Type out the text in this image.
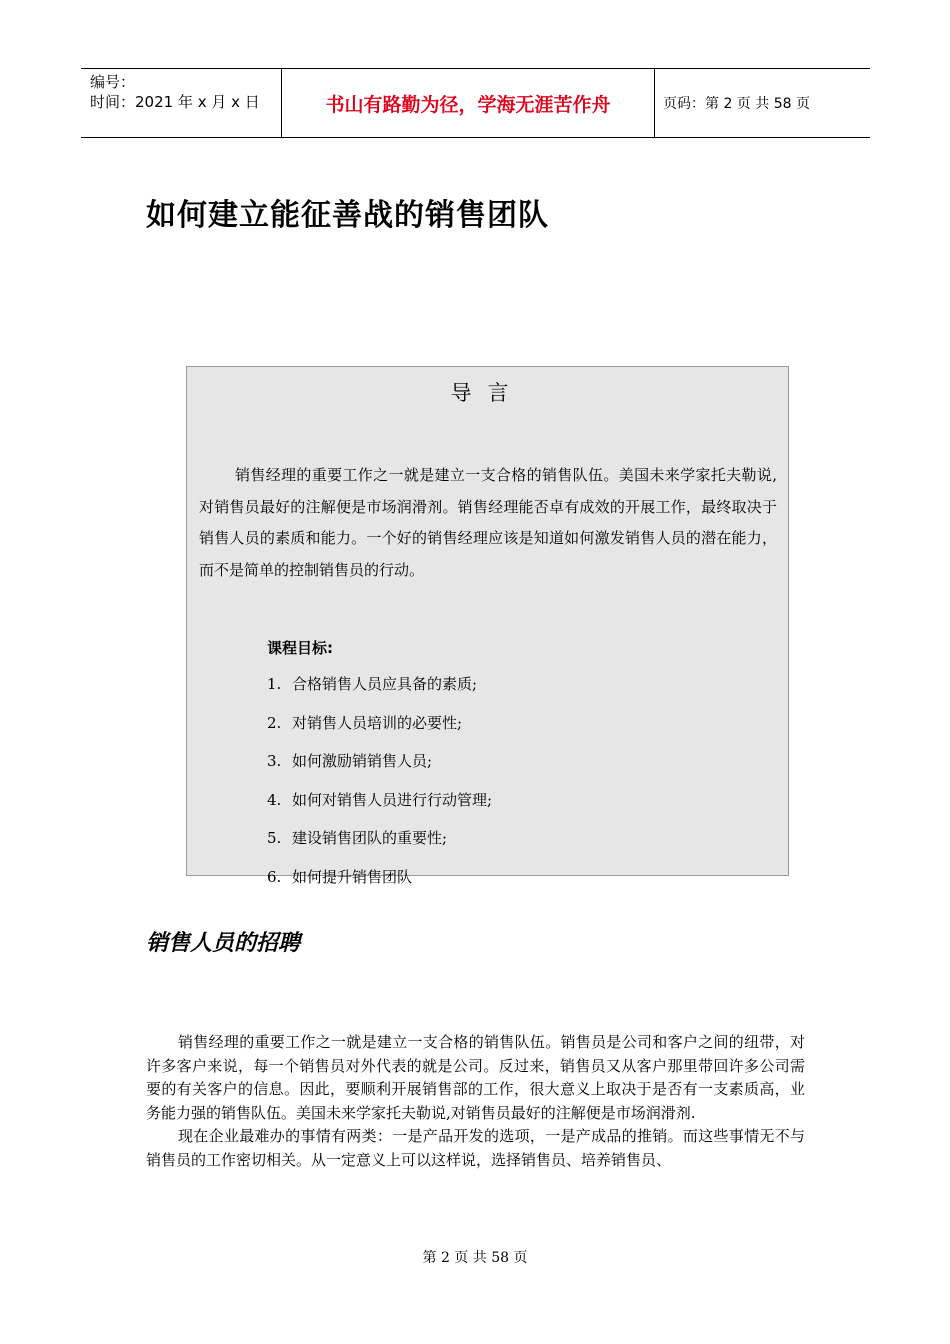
编号：
时间：2021 年 x 月 x 日	书山有路勤为径，学海无涯苦作舟	页码：第 2 页 共 58 页
如何建立能征善战的销售团队
导言

销售经理的重要工作之一就是建立一支合格的销售队伍。美国未来学家托夫勒说,对销售员最好的注解便是市场润滑剂。销售经理能否卓有成效的开展工作，最终取决于销售人员的素质和能力。一个好的销售经理应该是知道如何激发销售人员的潜在能力，而不是简单的控制销售员的行动。

课程目标:
1. 合格销售人员应具备的素质;
2. 对销售人员培训的必要性;
3. 如何激励销销售人员;
4. 如何对销售人员进行行动管理;
5. 建设销售团队的重要性;
6. 如何提升销售团队
销售人员的招聘

销售经理的重要工作之一就是建立一支合格的销售队伍。销售员是公司和客户之间的纽带，对许多客户来说，每一个销售员对外代表的就是公司。反过来，销售员又从客户那里带回许多公司需要的有关客户的信息。因此，要顺利开展销售部的工作，很大意义上取决于是否有一支素质高，业务能力强的销售队伍。美国未来学家托夫勒说,对销售员最好的注解便是市场润滑剂.

现在企业最难办的事情有两类：一是产品开发的选项，一是产成品的推销。而这些事情无不与销售员的工作密切相关。从一定意义上可以这样说，选择销售员、培养销售员、

第 2 页 共 58 页
